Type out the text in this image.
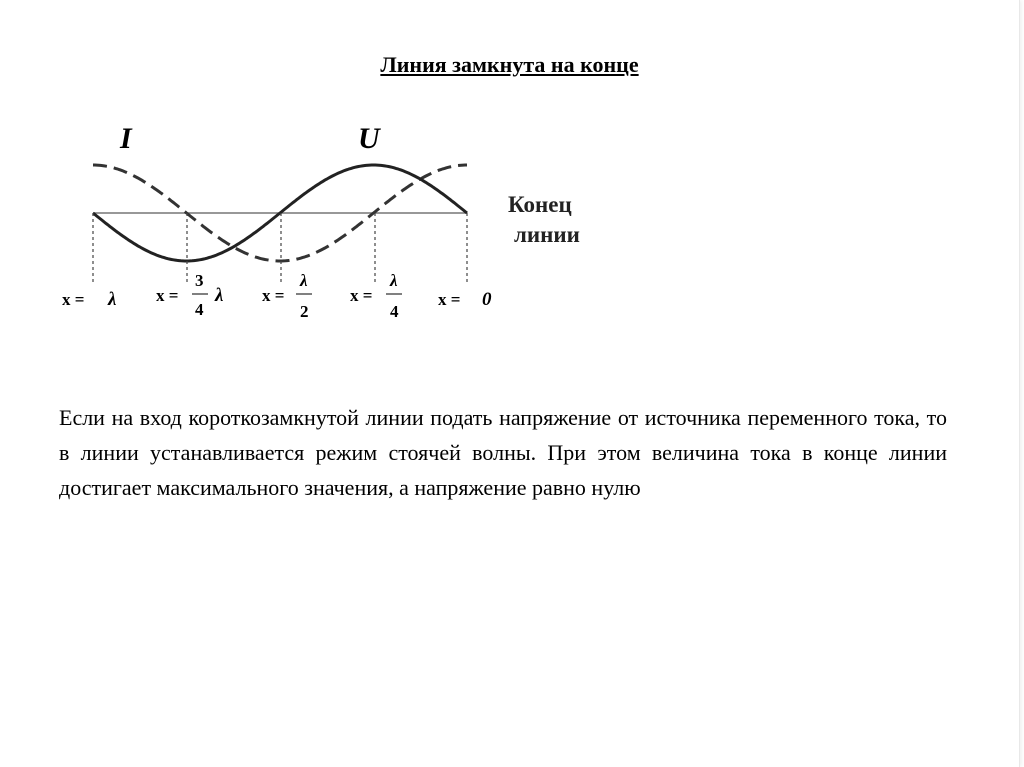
Линия замкнута на конце
I	U
Конец
линии
x = λ x =
3
4
λ x =
λ
2
x =
λ
4
x = 0
Если на вход короткозамкнутой линии подать напряжение от источника переменного тока, то в линии устанавливается режим стоячей волны. При этом величина тока в конце линии достигает максимального значения, а напряжение равно нулю
